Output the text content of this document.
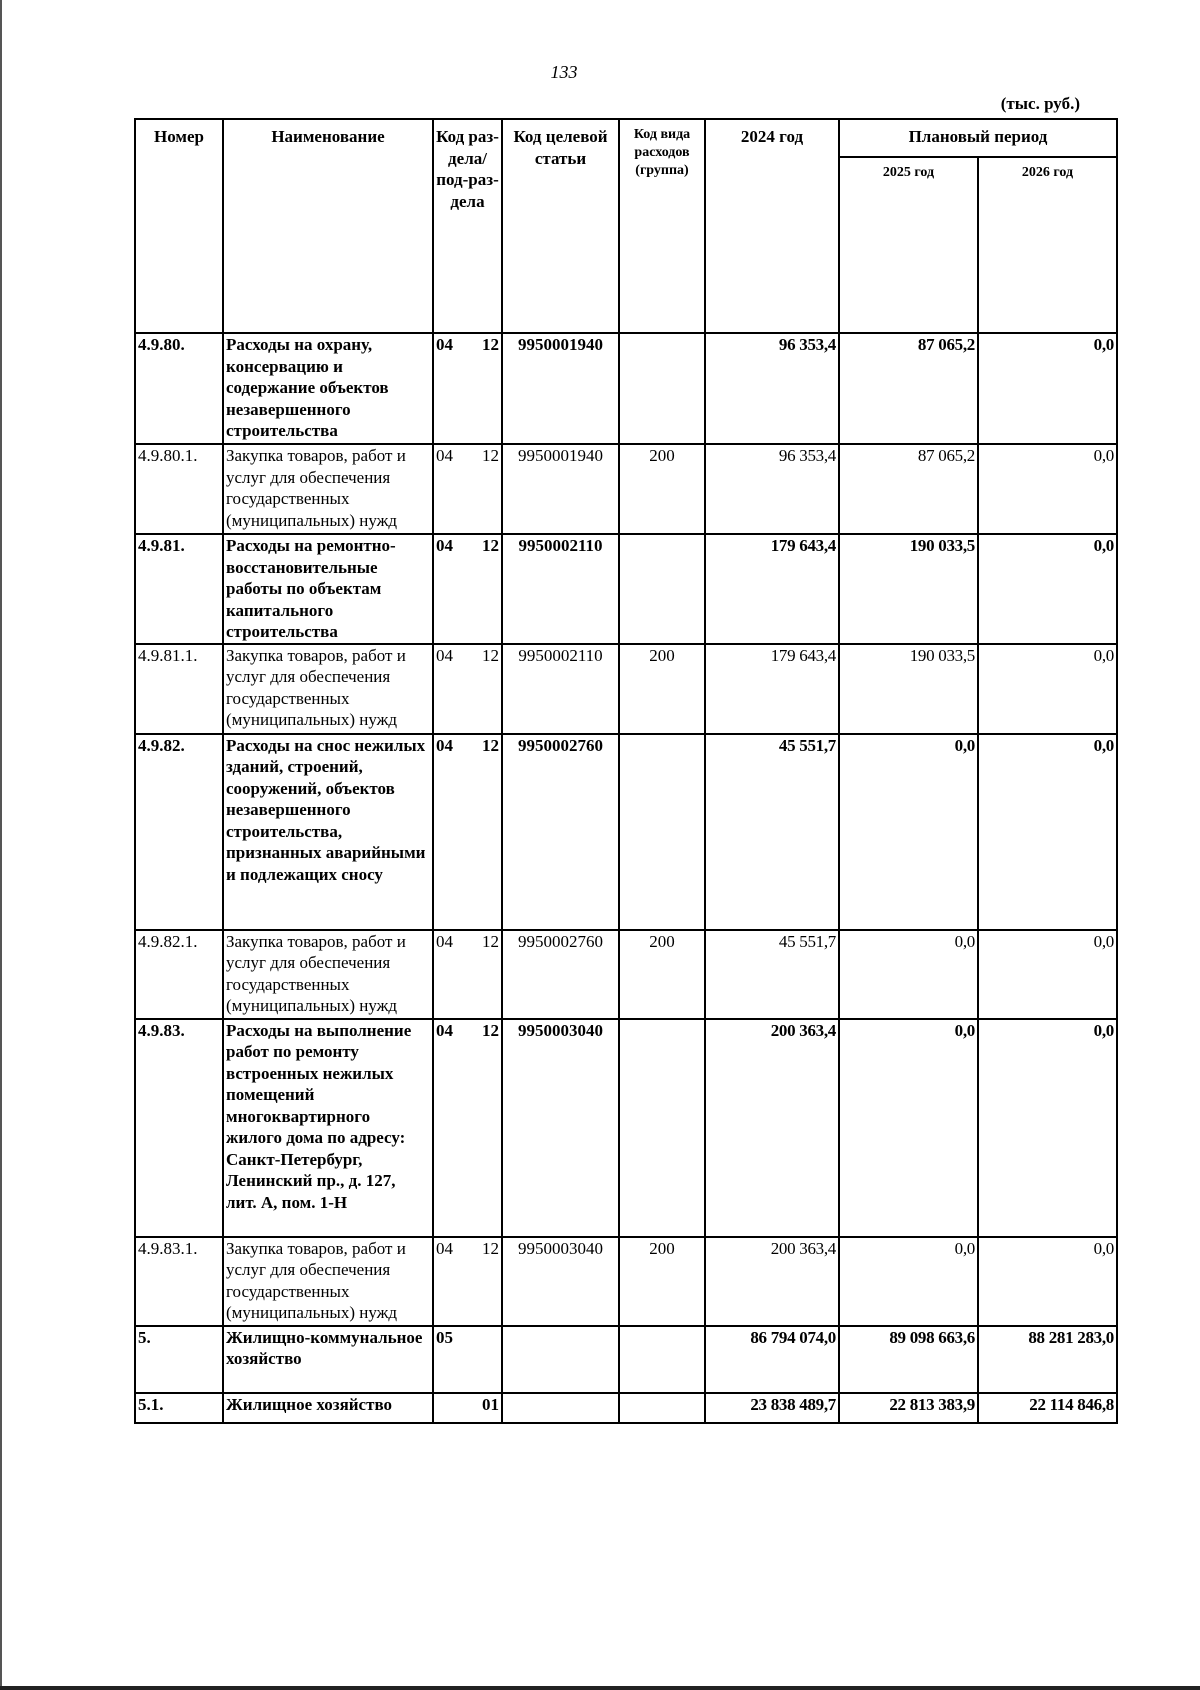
133
(тыс. руб.)
Номер	Наименование	Код раз-дела/ под-раз-дела	Код целевой статьи	Код вида расходов (группа)	2024 год	Плановый период	
						2025 год	2026 год
4.9.80.	Расходы на охрану, консервацию и содержание объектов незавершенного строительства	04 12	9950001940		96 353,4	87 065,2	0,0
4.9.80.1.	Закупка товаров, работ и услуг для обеспечения государственных (муниципальных) нужд	04 12	9950001940	200	96 353,4	87 065,2	0,0
4.9.81.	Расходы на ремонтно-восстановительные работы по объектам капитального строительства	04 12	9950002110		179 643,4	190 033,5	0,0
4.9.81.1.	Закупка товаров, работ и услуг для обеспечения государственных (муниципальных) нужд	04 12	9950002110	200	179 643,4	190 033,5	0,0
4.9.82.	Расходы на снос нежилых зданий, строений, сооружений, объектов незавершенного строительства, признанных аварийными и подлежащих сносу	04 12	9950002760		45 551,7	0,0	0,0
4.9.82.1.	Закупка товаров, работ и услуг для обеспечения государственных (муниципальных) нужд	04 12	9950002760	200	45 551,7	0,0	0,0
4.9.83.	Расходы на выполнение работ по ремонту встроенных нежилых помещений многоквартирного жилого дома по адресу: Санкт-Петербург, Ленинский пр., д. 127, лит. А, пом. 1-Н	04 12	9950003040		200 363,4	0,0	0,0
4.9.83.1.	Закупка товаров, работ и услуг для обеспечения государственных (муниципальных) нужд	04 12	9950003040	200	200 363,4	0,0	0,0
5.	Жилищно-коммунальное хозяйство	05			86 794 074,0	89 098 663,6	88 281 283,0
5.1.	Жилищное хозяйство	01			23 838 489,7	22 813 383,9	22 114 846,8
